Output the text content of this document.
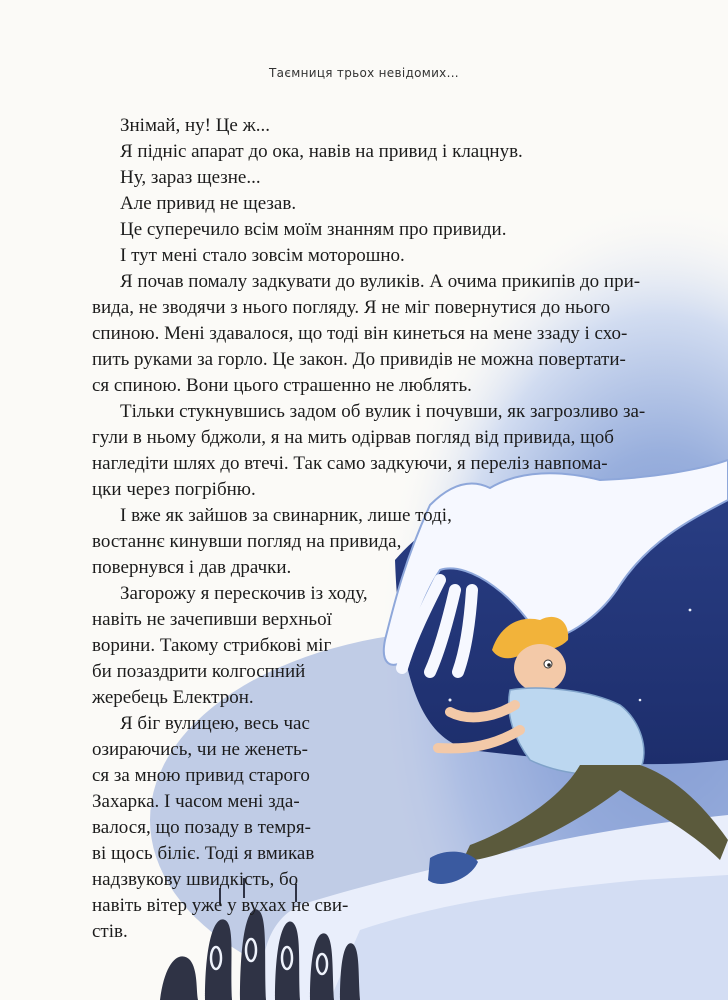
Таємниця трьох невідомих...
Знімай, ну! Це ж...
Я підніс апарат до ока, навів на привид і клацнув.
Ну, зараз щезне...
Але привид не щезав.
Це суперечило всім моїм знанням про привиди.
І тут мені стало зовсім моторошно.
Я почав помалу задкувати до вуликів. А очима прикипів до при-
вида, не зводячи з нього погляду. Я не міг повернутися до нього
спиною. Мені здавалося, що тоді він кинеться на мене ззаду і схо-
пить руками за горло. Це закон. До привидів не можна повертати-
ся спиною. Вони цього страшенно не люблять.
Тільки стукнувшись задом об вулик і почувши, як загрозливо за-
гули в ньому бджоли, я на мить одірвав погляд від привида, щоб
нагледіти шлях до втечі. Так само задкуючи, я переліз навпома-
цки через погрібню.
І вже як зайшов за свинарник, лише тоді,
востаннє кинувши погляд на привида,
повернувся і дав драчки.
Загорожу я перескочив із ходу,
навіть не зачепивши верхньої
ворини. Такому стрибкові міг
би позаздрити колгоспний
жеребець Електрон.
Я біг вулицею, весь час
озираючись, чи не женеть-
ся за мною привид старого
Захарка. І часом мені зда-
валося, що позаду в темря-
ві щось біліє. Тоді я вмикав
надзвукову швидкість, бо
навіть вітер уже у вухах не сви-
стів.
